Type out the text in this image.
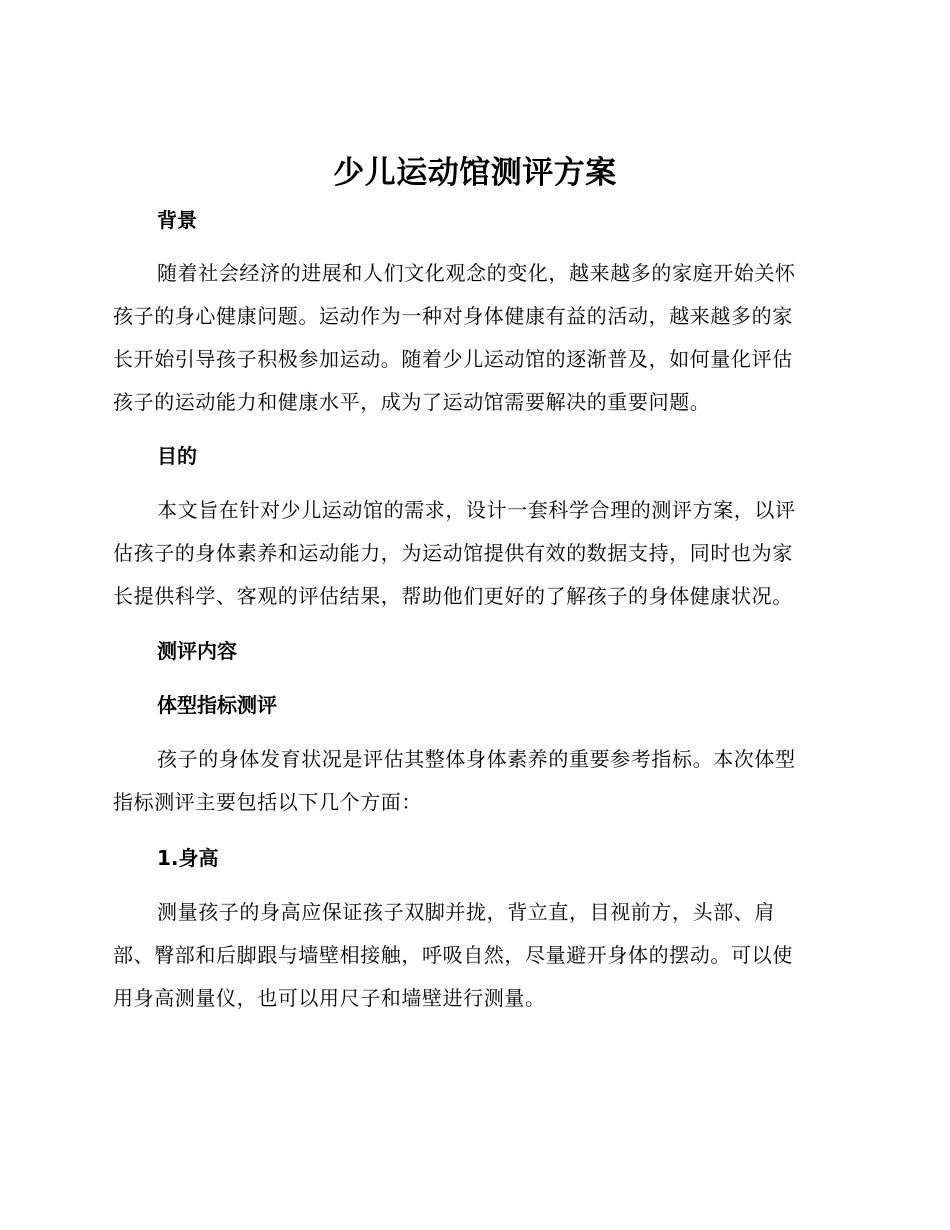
少儿运动馆测评方案
背景

随着社会经济的进展和人们文化观念的变化，越来越多的家庭开始关怀
孩子的身心健康问题。运动作为一种对身体健康有益的活动，越来越多的家
长开始引导孩子积极参加运动。随着少儿运动馆的逐渐普及，如何量化评估
孩子的运动能力和健康水平，成为了运动馆需要解决的重要问题。

目的

本文旨在针对少儿运动馆的需求，设计一套科学合理的测评方案，以评
估孩子的身体素养和运动能力，为运动馆提供有效的数据支持，同时也为家
长提供科学、客观的评估结果，帮助他们更好的了解孩子的身体健康状况。

测评内容
体型指标测评

孩子的身体发育状况是评估其整体身体素养的重要参考指标。本次体型
指标测评主要包括以下几个方面：

1.身高

测量孩子的身高应保证孩子双脚并拢，背立直，目视前方，头部、肩
部、臀部和后脚跟与墙壁相接触，呼吸自然，尽量避开身体的摆动。可以使
用身高测量仪，也可以用尺子和墙壁进行测量。
